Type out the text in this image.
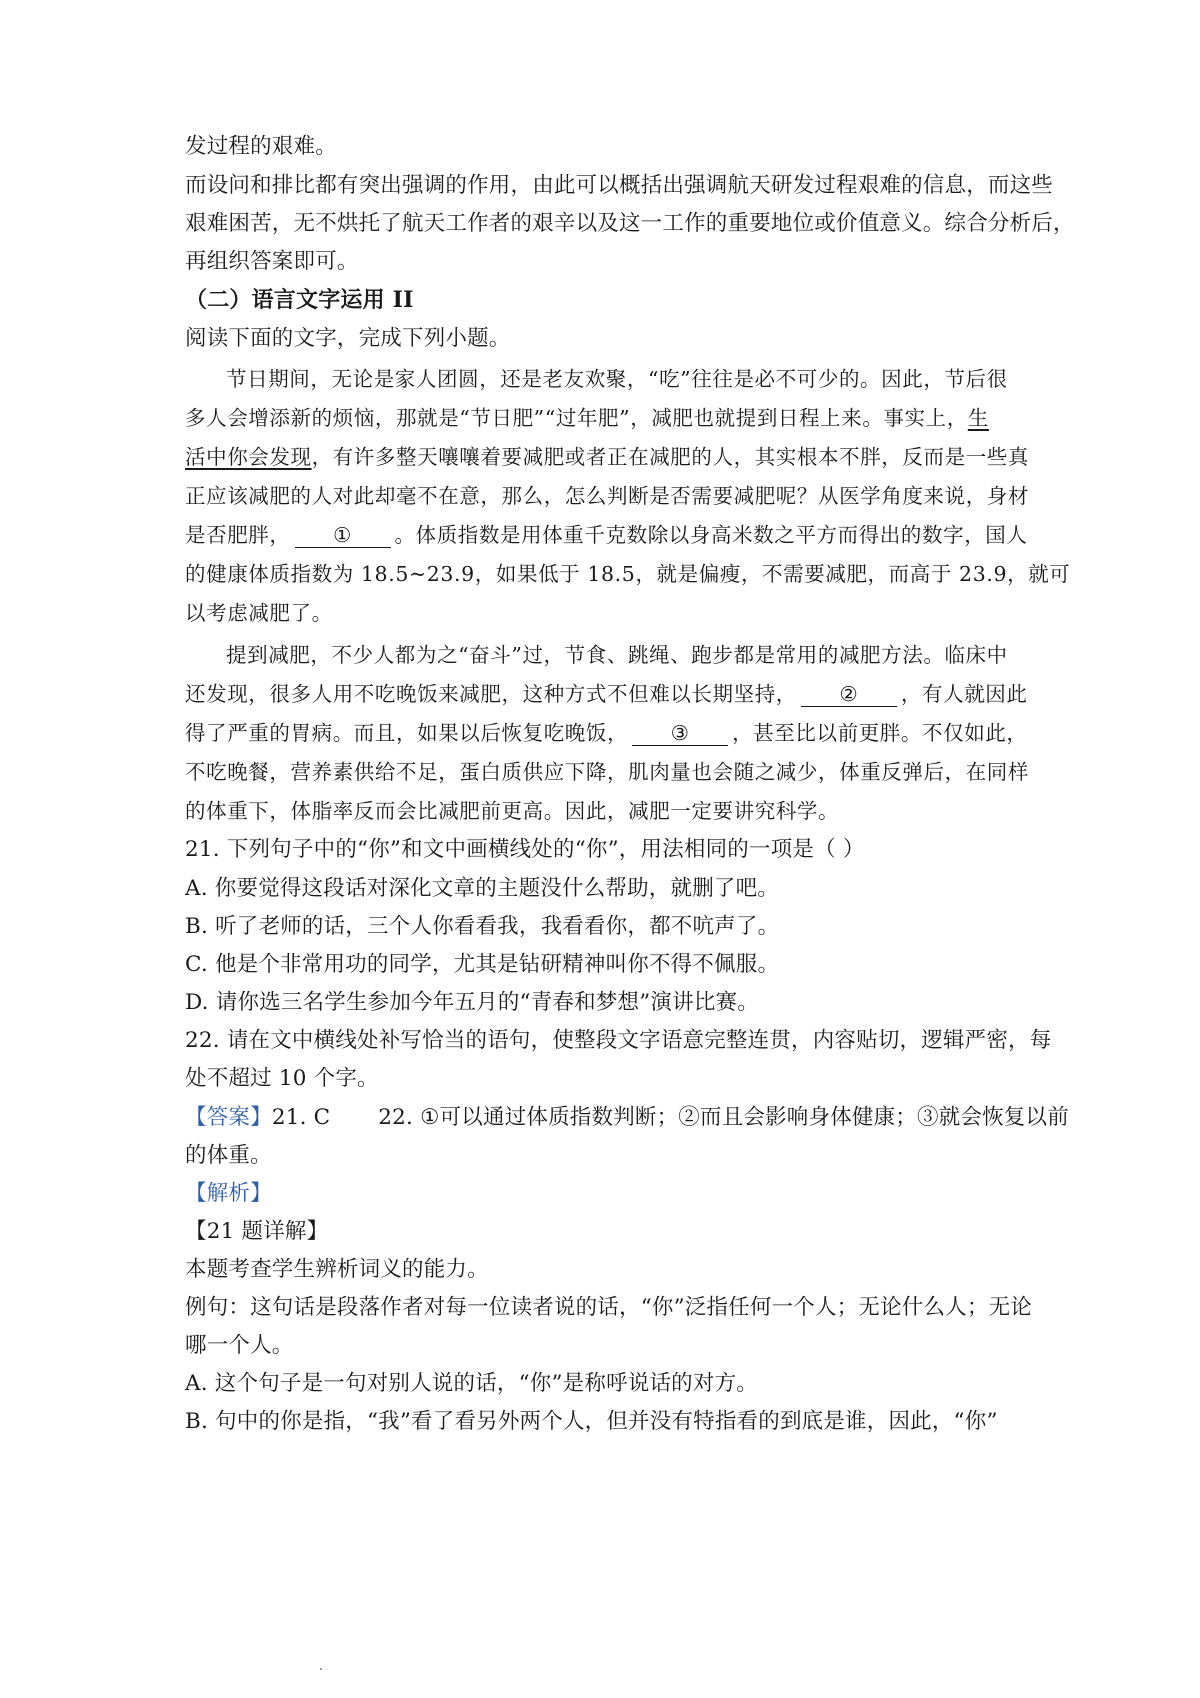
发过程的艰难。
而设问和排比都有突出强调的作用，由此可以概括出强调航天研发过程艰难的信息，而这些
艰难困苦，无不烘托了航天工作者的艰辛以及这一工作的重要地位或价值意义。综合分析后，
再组织答案即可。
（二）语言文字运用 II
阅读下面的文字，完成下列小题。
节日期间，无论是家人团圆，还是老友欢聚，“吃”往往是必不可少的。因此，节后很
多人会增添新的烦恼，那就是“节日肥”“过年肥”，减肥也就提到日程上来。事实上，生
活中你会发现，有许多整天嚷嚷着要减肥或者正在减肥的人，其实根本不胖，反而是一些真
正应该减肥的人对此却毫不在意，那么，怎么判断是否需要减肥呢？从医学角度来说，身材
是否肥胖， ① 。体质指数是用体重千克数除以身高米数之平方而得出的数字，国人
的健康体质指数为 18.5~23.9，如果低于 18.5，就是偏瘦，不需要减肥，而高于 23.9，就可
以考虑减肥了。
提到减肥，不少人都为之“奋斗”过，节食、跳绳、跑步都是常用的减肥方法。临床中
还发现，很多人用不吃晚饭来减肥，这种方式不但难以长期坚持， ② ，有人就因此
得了严重的胃病。而且，如果以后恢复吃晚饭， ③ ，甚至比以前更胖。不仅如此，
不吃晚餐，营养素供给不足，蛋白质供应下降，肌肉量也会随之减少，体重反弹后，在同样
的体重下，体脂率反而会比减肥前更高。因此，减肥一定要讲究科学。
21. 下列句子中的“你”和文中画横线处的“你”，用法相同的一项是（ ）
A. 你要觉得这段话对深化文章的主题没什么帮助，就删了吧。
B. 听了老师的话，三个人你看看我，我看看你，都不吭声了。
C. 他是个非常用功的同学，尤其是钻研精神叫你不得不佩服。
D. 请你选三名学生参加今年五月的“青春和梦想”演讲比赛。
22. 请在文中横线处补写恰当的语句，使整段文字语意完整连贯，内容贴切，逻辑严密，每
处不超过 10 个字。
【答案】21. C 22. ①可以通过体质指数判断；②而且会影响身体健康；③就会恢复以前
的体重。
【解析】
【21 题详解】
本题考查学生辨析词义的能力。
例句：这句话是段落作者对每一位读者说的话，“你”泛指任何一个人；无论什么人；无论
哪一个人。
A. 这个句子是一句对别人说的话，“你”是称呼说话的对方。
B. 句中的你是指，“我”看了看另外两个人，但并没有特指看的到底是谁，因此，“你”
